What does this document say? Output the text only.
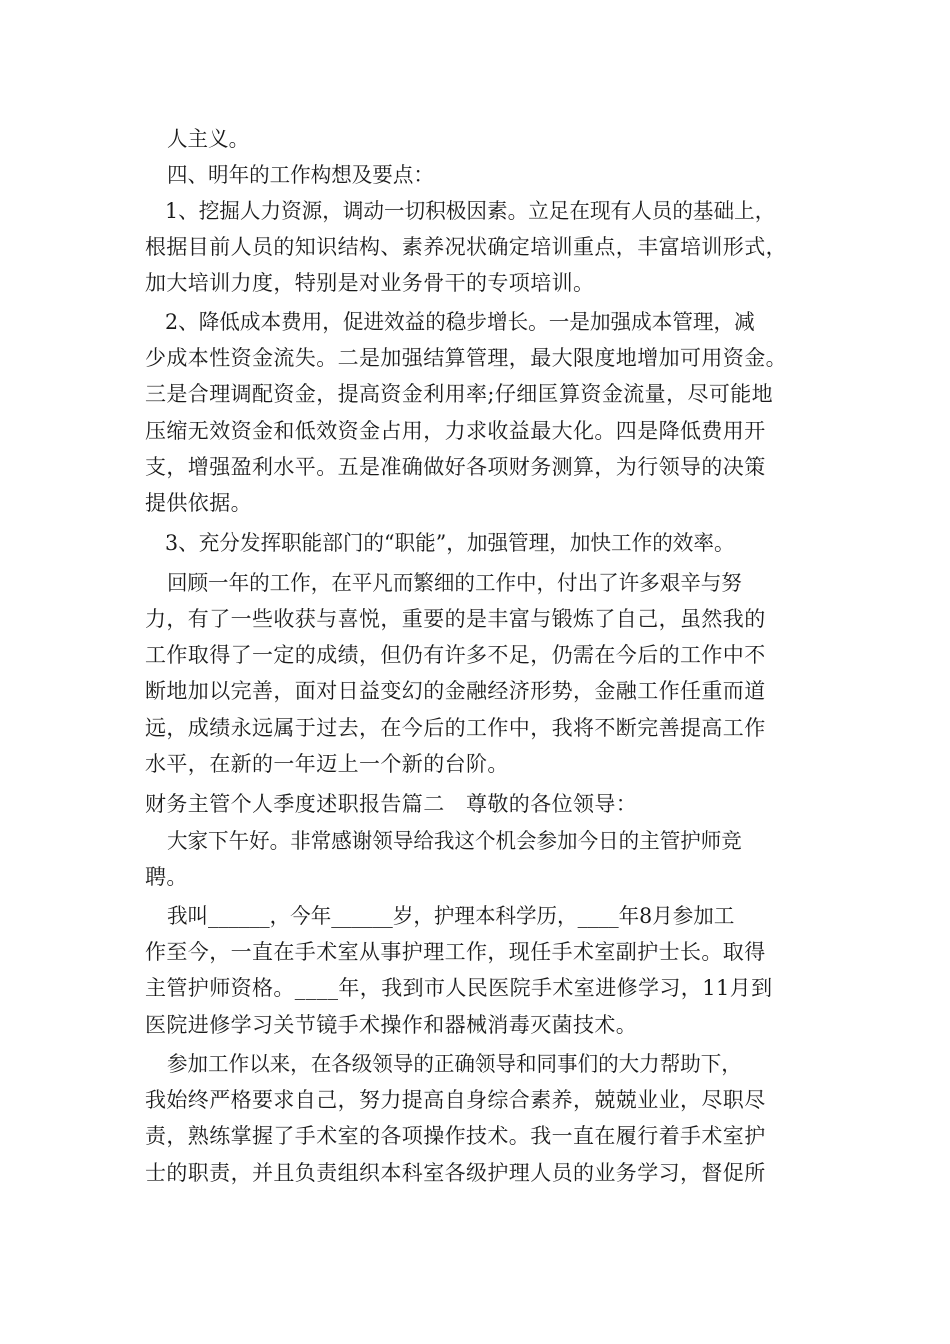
人主义。
四、明年的工作构想及要点：
1、挖掘人力资源，调动一切积极因素。立足在现有人员的基础上，
根据目前人员的知识结构、素养况状确定培训重点，丰富培训形式，
加大培训力度，特别是对业务骨干的专项培训。
2、降低成本费用，促进效益的稳步增长。一是加强成本管理，减
少成本性资金流失。二是加强结算管理，最大限度地增加可用资金。
三是合理调配资金，提高资金利用率;仔细匡算资金流量，尽可能地
压缩无效资金和低效资金占用，力求收益最大化。四是降低费用开
支，增强盈利水平。五是准确做好各项财务测算，为行领导的决策
提供依据。
3、充分发挥职能部门的“职能”，加强管理，加快工作的效率。
回顾一年的工作，在平凡而繁细的工作中，付出了许多艰辛与努
力，有了一些收获与喜悦，重要的是丰富与锻炼了自己，虽然我的
工作取得了一定的成绩，但仍有许多不足，仍需在今后的工作中不
断地加以完善，面对日益变幻的金融经济形势，金融工作任重而道
远，成绩永远属于过去，在今后的工作中，我将不断完善提高工作
水平，在新的一年迈上一个新的台阶。
财务主管个人季度述职报告篇二　尊敬的各位领导：
大家下午好。非常感谢领导给我这个机会参加今日的主管护师竞
聘。
我叫______，今年______岁，护理本科学历，____年8月参加工
作至今，一直在手术室从事护理工作，现任手术室副护士长。取得
主管护师资格。____年，我到市人民医院手术室进修学习，11月到
医院进修学习关节镜手术操作和器械消毒灭菌技术。
参加工作以来，在各级领导的正确领导和同事们的大力帮助下，
我始终严格要求自己，努力提高自身综合素养，兢兢业业，尽职尽
责，熟练掌握了手术室的各项操作技术。我一直在履行着手术室护
士的职责，并且负责组织本科室各级护理人员的业务学习，督促所
